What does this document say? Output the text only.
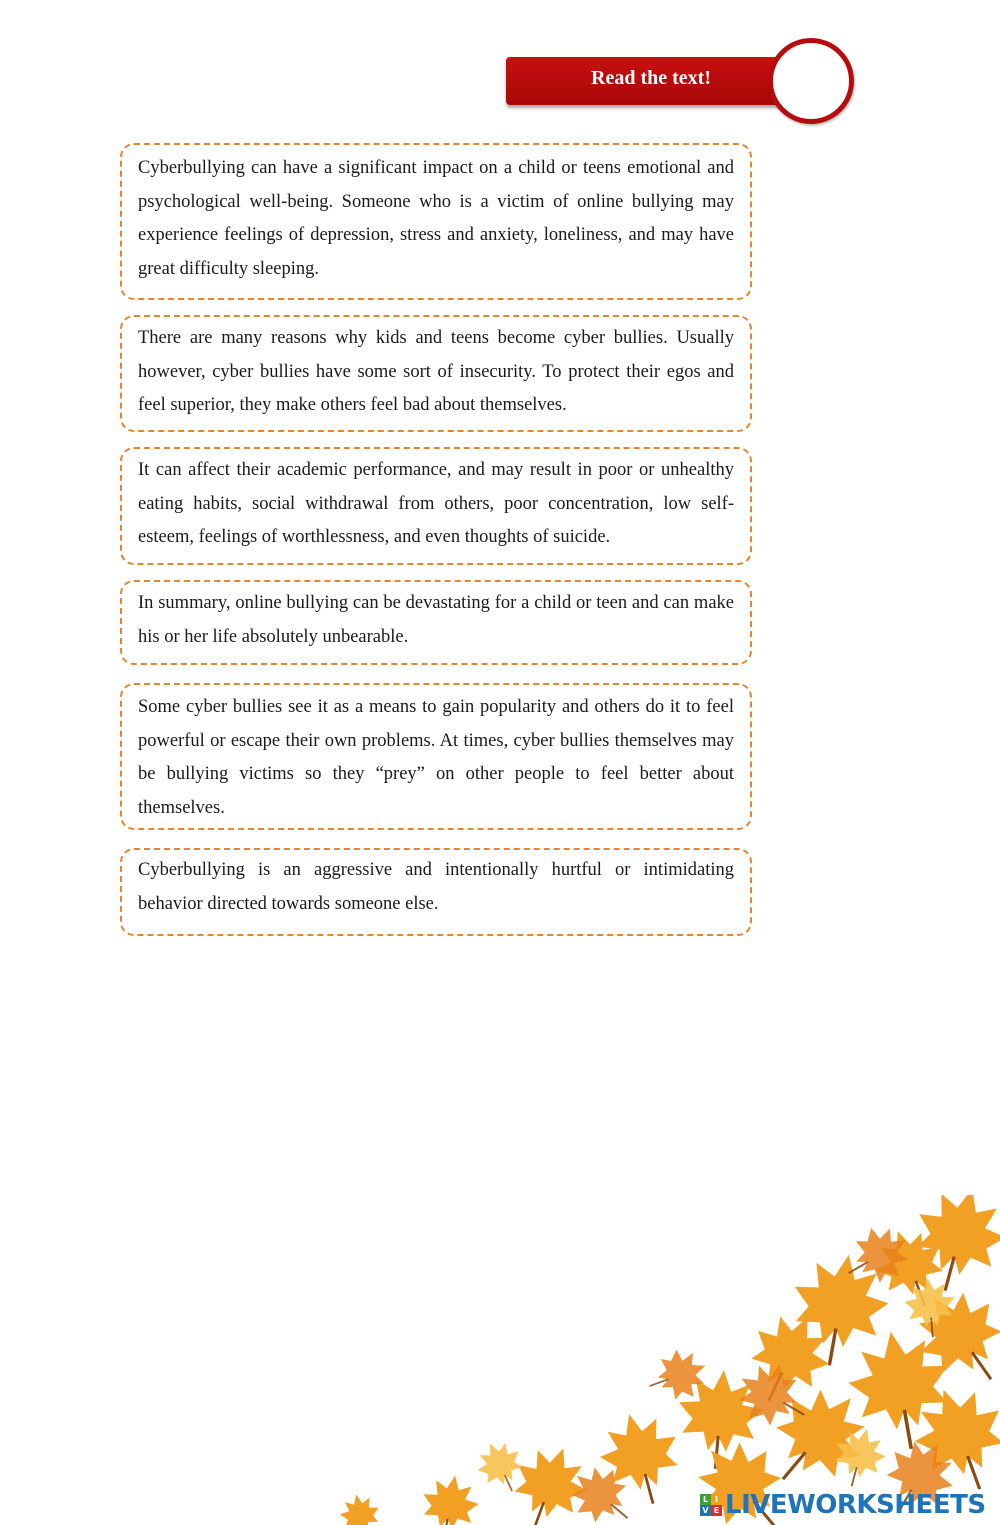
Read the text!

Cyberbullying can have a significant impact on a child or teens emotional and psychological well-being. Someone who is a victim of online bullying may experience feelings of depression, stress and anxiety, loneliness, and may have great difficulty sleeping.

There are many reasons why kids and teens become cyber bullies. Usually however, cyber bullies have some sort of insecurity. To protect their egos and feel superior, they make others feel bad about themselves.

It can affect their academic performance, and may result in poor or unhealthy eating habits, social withdrawal from others, poor concentration, low self-esteem, feelings of worthlessness, and even thoughts of suicide.

In summary, online bullying can be devastating for a child or teen and can make his or her life absolutely unbearable.

Some cyber bullies see it as a means to gain popularity and others do it to feel powerful or escape their own problems. At times, cyber bullies themselves may be bullying victims so they “prey” on other people to feel better about themselves.

Cyberbullying is an aggressive and intentionally hurtful or intimidating behavior directed towards someone else.

L I
V E LIVEWORKSHEETS
